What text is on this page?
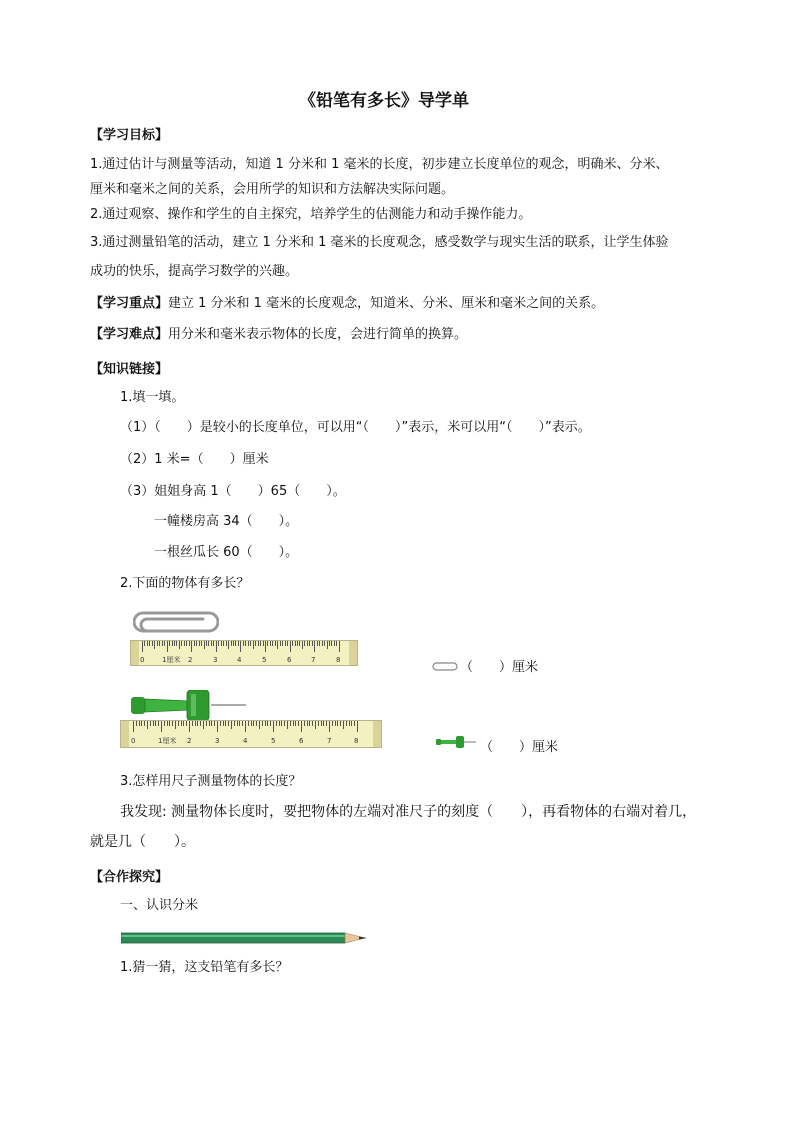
《铅笔有多长》导学单
【学习目标】
1.通过估计与测量等活动，知道 1 分米和 1 毫米的长度，初步建立长度单位的观念，明确米、分米、
厘米和毫米之间的关系，会用所学的知识和方法解决实际问题。
2.通过观察、操作和学生的自主探究，培养学生的估测能力和动手操作能力。
3.通过测量铅笔的活动，建立 1 分米和 1 毫米的长度观念，感受数学与现实生活的联系，让学生体验
成功的快乐，提高学习数学的兴趣。
【学习重点】建立 1 分米和 1 毫米的长度观念，知道米、分米、厘米和毫米之间的关系。
【学习难点】用分米和毫米表示物体的长度，会进行简单的换算。
【知识链接】
1.填一填。
（1）（　　）是较小的长度单位，可以用“（　　）”表示，米可以用“（　　）”表示。
（2）1 米=（　　）厘米
（3）姐姐身高 1（　　）65（　　）。
一幢楼房高 34（　　）。
一根丝瓜长 60（　　）。
2.下面的物体有多长？
0	1厘米 2	3	4	5	6	7	8	（　　）厘米
0	1厘米 2	3	4	5	6	7	8	（　　）厘米
3.怎样用尺子测量物体的长度？
我发现: 测量物体长度时，要把物体的左端对准尺子的刻度（　　），再看物体的右端对着几，
就是几（　　）。
【合作探究】
一、认识分米
1.猜一猜，这支铅笔有多长？
